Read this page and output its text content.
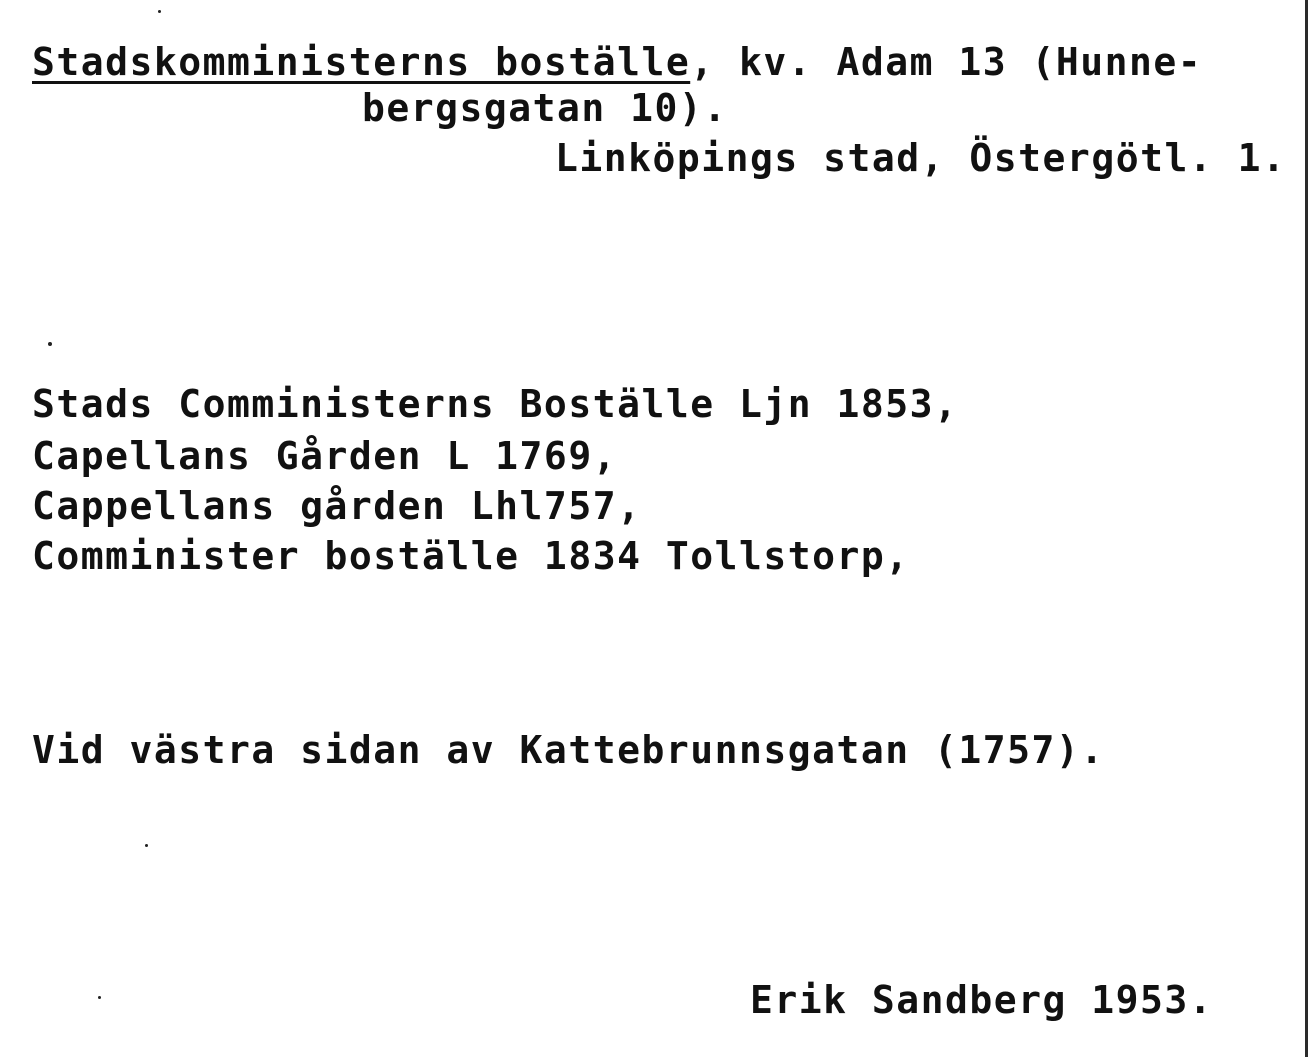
Stadskomministerns boställe, kv. Adam 13 (Hunne-
bergsgatan 10).
Linköpings stad, Östergötl. 1.
Stads Comministerns Boställe Ljn 1853,
Capellans Gården L 1769,
Cappellans gården Lhl757,
Comminister boställe 1834 Tollstorp,
Vid västra sidan av Kattebrunnsgatan (1757).
Erik Sandberg 1953.
